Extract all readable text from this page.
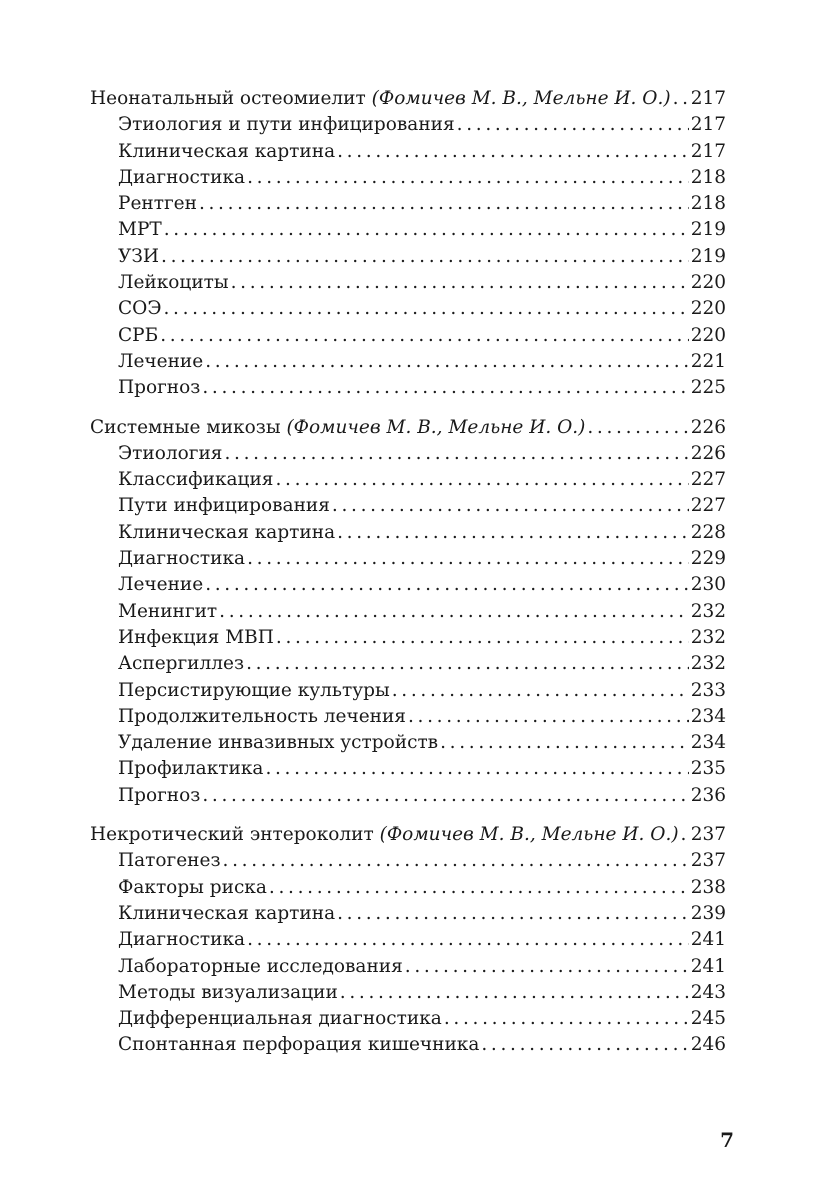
Неонатальный остеомиелит (Фомичев М. В., Мельне И. О.) . . . 217
Этиология и пути инфицирования . . .	217
Клиническая картина . . .	217
Диагностика . . .	218
Рентген . . .	218
МРТ . . .	219
УЗИ . . .	219
Лейкоциты . . .	220
СОЭ . . .	220
СРБ . . .	220
Лечение . . .	221
Прогноз . . .	225
Системные микозы (Фомичев М. В., Мельне И. О.) . . .	226
Этиология . . .	226
Классификация . . .	227
Пути инфицирования . . .	227
Клиническая картина . . .	228
Диагностика . . .	229
Лечение . . .	230
Менингит . . .	232
Инфекция МВП . . .	232
Аспергиллез . . .	232
Персистирующие культуры . . .	233
Продолжительность лечения . . .	234
Удаление инвазивных устройств . . .	234
Профилактика . . .	235
Прогноз . . .	236
Некротический энтероколит (Фомичев М. В., Мельне И. О.) . . . 237
Патогенез . . .	237
Факторы риска . . .	238
Клиническая картина . . .	239
Диагностика . . .	241
Лабораторные исследования . . .	241
Методы визуализации . . .	243
Дифференциальная диагностика . . .	245
Спонтанная перфорация кишечника . . .	246
7
